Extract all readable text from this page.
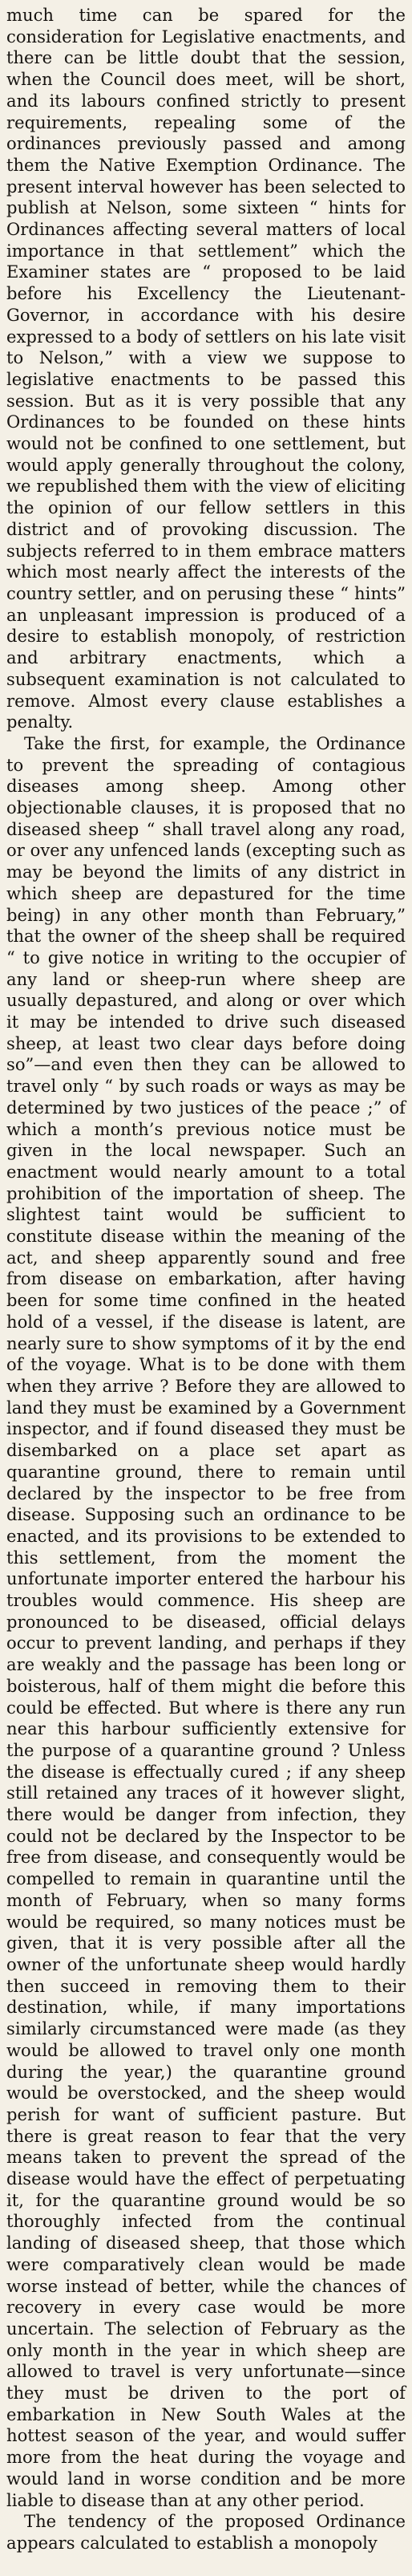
much time can be spared for the consideration for Legislative enactments, and there can be little doubt that the session, when the Council does meet, will be short, and its labours confined strictly to present requirements, repealing some of the ordinances previously passed and among them the Native Exemption Ordinance. The present interval however has been selected to publish at Nelson, some sixteen “ hints for Ordinances affecting several matters of local importance in that settlement” which the Examiner states are “ proposed to be laid before his Excellency the Lieutenant-Governor, in accordance with his desire expressed to a body of settlers on his late visit to Nelson,” with a view we suppose to legislative enactments to be passed this session. But as it is very possible that any Ordinances to be founded on these hints would not be confined to one settlement, but would apply generally throughout the colony, we republished them with the view of eliciting the opinion of our fellow settlers in this district and of provoking discussion. The subjects referred to in them embrace matters which most nearly affect the interests of the country settler, and on perusing these “ hints” an unpleasant impression is produced of a desire to establish monopoly, of restriction and arbitrary enactments, which a subsequent examination is not calculated to remove. Almost every clause establishes a penalty.

Take the first, for example, the Ordinance to prevent the spreading of contagious diseases among sheep. Among other objectionable clauses, it is proposed that no diseased sheep “ shall travel along any road, or over any unfenced lands (excepting such as may be beyond the limits of any district in which sheep are depastured for the time being) in any other month than February,” that the owner of the sheep shall be required “ to give notice in writing to the occupier of any land or sheep-run where sheep are usually depastured, and along or over which it may be intended to drive such diseased sheep, at least two clear days before doing so”—and even then they can be allowed to travel only “ by such roads or ways as may be determined by two justices of the peace ;” of which a month’s previous notice must be given in the local newspaper. Such an enactment would nearly amount to a total prohibition of the importation of sheep. The slightest taint would be sufficient to constitute disease within the meaning of the act, and sheep apparently sound and free from disease on embarkation, after having been for some time confined in the heated hold of a vessel, if the disease is latent, are nearly sure to show symptoms of it by the end of the voyage. What is to be done with them when they arrive ? Before they are allowed to land they must be examined by a Government inspector, and if found diseased they must be disembarked on a place set apart as quarantine ground, there to remain until declared by the inspector to be free from disease. Supposing such an ordinance to be enacted, and its provisions to be extended to this settlement, from the moment the unfortunate importer entered the harbour his troubles would commence. His sheep are pronounced to be diseased, official delays occur to prevent landing, and perhaps if they are weakly and the passage has been long or boisterous, half of them might die before this could be effected. But where is there any run near this harbour sufficiently extensive for the purpose of a quarantine ground ? Unless the disease is effectually cured ; if any sheep still retained any traces of it however slight, there would be danger from infection, they could not be declared by the Inspector to be free from disease, and consequently would be compelled to remain in quarantine until the month of February, when so many forms would be required, so many notices must be given, that it is very possible after all the owner of the unfortunate sheep would hardly then succeed in removing them to their destination, while, if many importations similarly circumstanced were made (as they would be allowed to travel only one month during the year,) the quarantine ground would be overstocked, and the sheep would perish for want of sufficient pasture. But there is great reason to fear that the very means taken to prevent the spread of the disease would have the effect of perpetuating it, for the quarantine ground would be so thoroughly infected from the continual landing of diseased sheep, that those which were comparatively clean would be made worse instead of better, while the chances of recovery in every case would be more uncertain. The selection of February as the only month in the year in which sheep are allowed to travel is very unfortunate—since they must be driven to the port of embarkation in New South Wales at the hottest season of the year, and would suffer more from the heat during the voyage and would land in worse condition and be more liable to disease than at any other period.

The tendency of the proposed Ordinance appears calculated to establish a monopoly
